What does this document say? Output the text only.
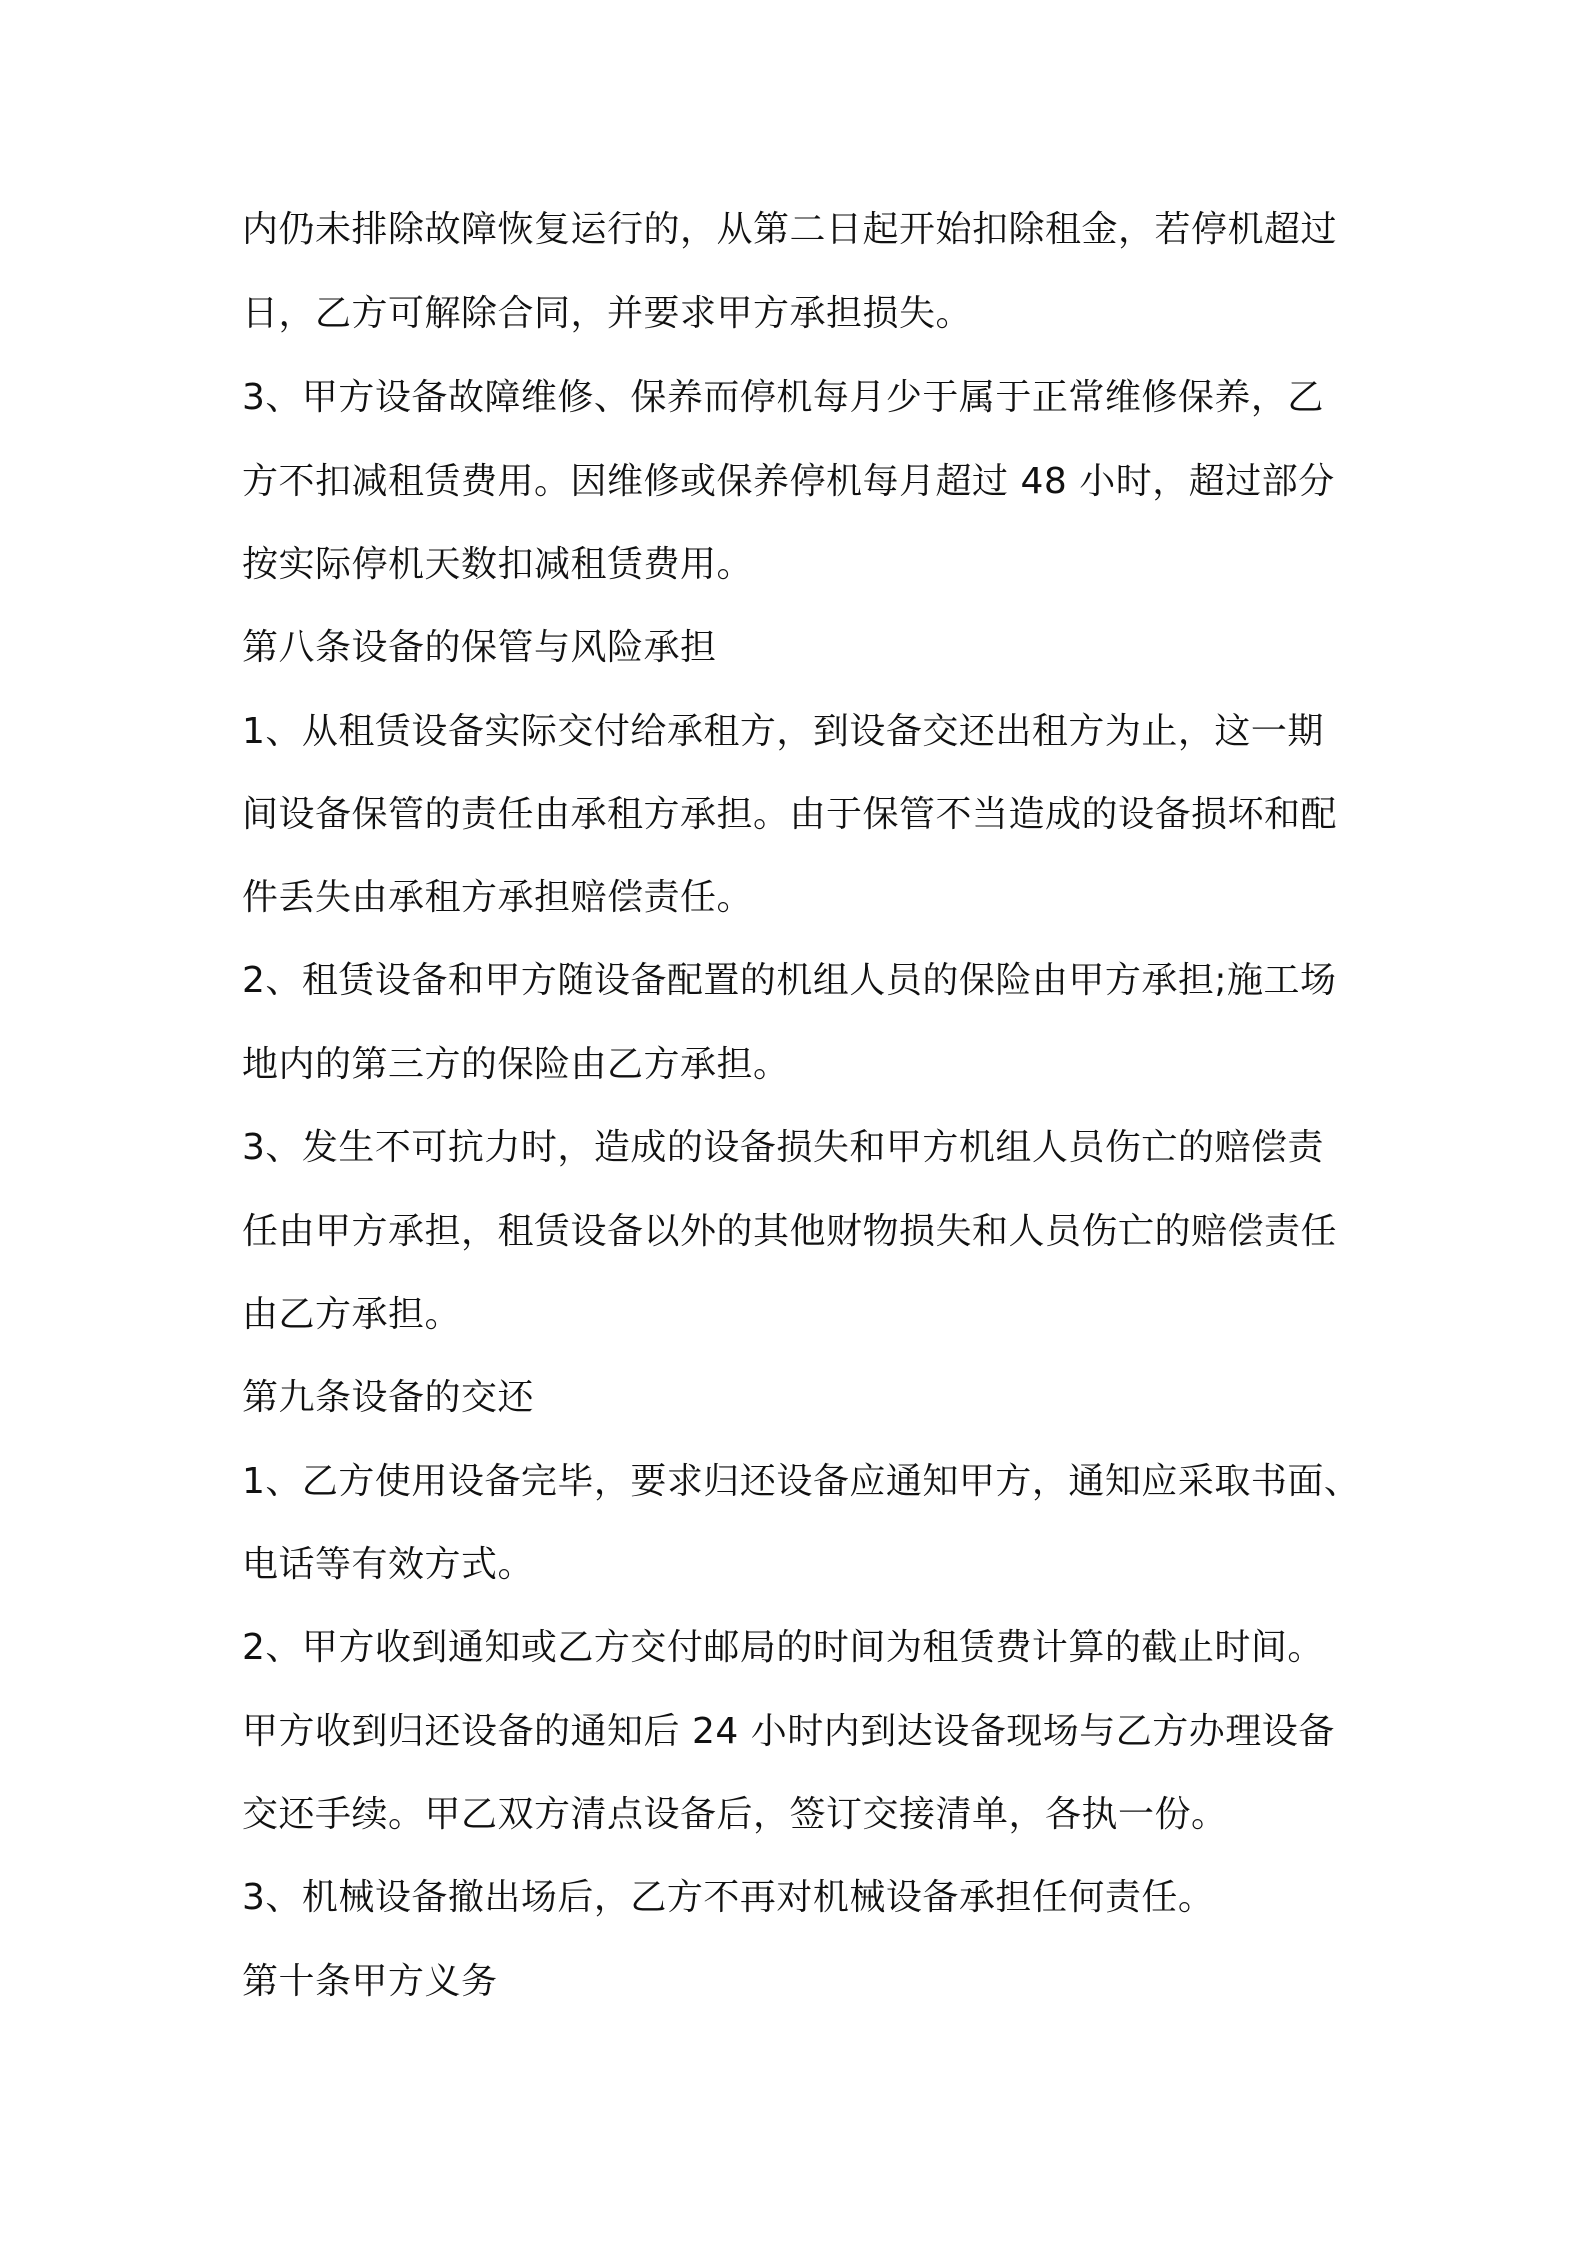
内仍未排除故障恢复运行的，从第二日起开始扣除租金，若停机超过
日，乙方可解除合同，并要求甲方承担损失。
3、甲方设备故障维修、保养而停机每月少于属于正常维修保养，乙
方不扣减租赁费用。因维修或保养停机每月超过 48 小时，超过部分
按实际停机天数扣减租赁费用。
第八条设备的保管与风险承担
1、从租赁设备实际交付给承租方，到设备交还出租方为止，这一期
间设备保管的责任由承租方承担。由于保管不当造成的设备损坏和配
件丢失由承租方承担赔偿责任。
2、租赁设备和甲方随设备配置的机组人员的保险由甲方承担;施工场
地内的第三方的保险由乙方承担。
3、发生不可抗力时，造成的设备损失和甲方机组人员伤亡的赔偿责
任由甲方承担，租赁设备以外的其他财物损失和人员伤亡的赔偿责任
由乙方承担。
第九条设备的交还
1、乙方使用设备完毕，要求归还设备应通知甲方，通知应采取书面、
电话等有效方式。
2、甲方收到通知或乙方交付邮局的时间为租赁费计算的截止时间。
甲方收到归还设备的通知后 24 小时内到达设备现场与乙方办理设备
交还手续。甲乙双方清点设备后，签订交接清单，各执一份。
3、机械设备撤出场后，乙方不再对机械设备承担任何责任。
第十条甲方义务
